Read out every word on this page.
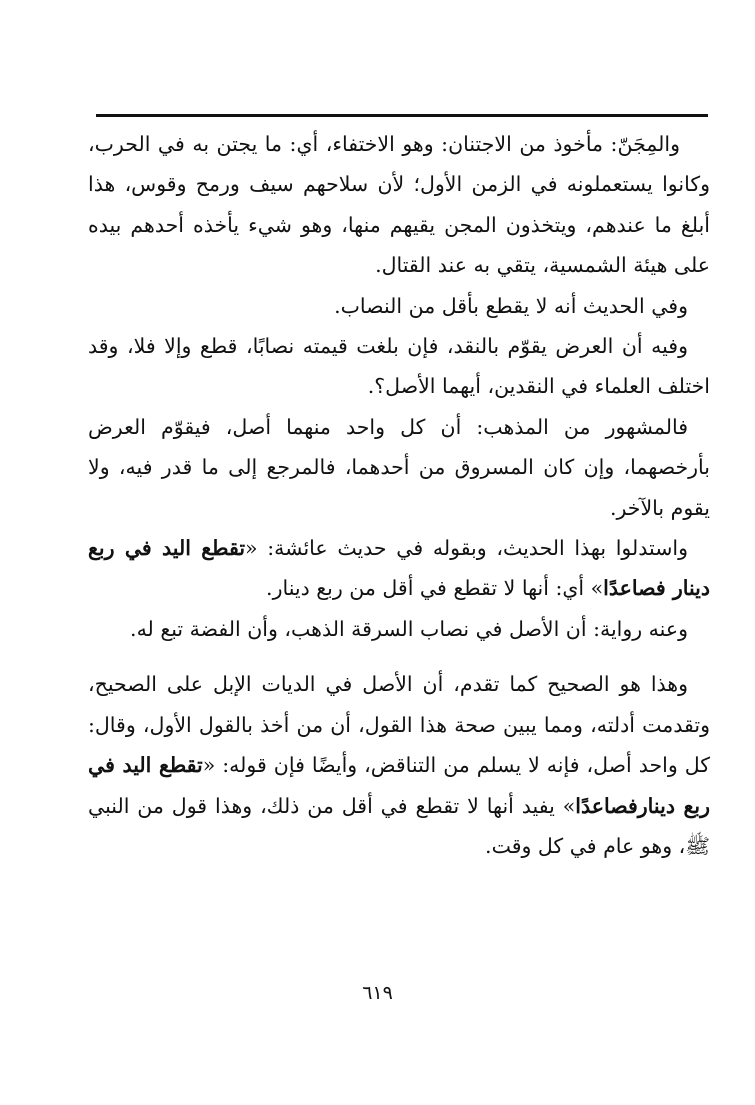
والمِجَنّ: مأخوذ من الاجتنان: وهو الاختفاء، أي: ما يجتن به في الحرب، وكانوا يستعملونه في الزمن الأول؛ لأن سلاحهم سيف ورمح وقوس، هذا أبلغ ما عندهم، ويتخذون المجن يقيهم منها، وهو شيء يأخذه أحدهم بيده على هيئة الشمسية، يتقي به عند القتال.

وفي الحديث أنه لا يقطع بأقل من النصاب.

وفيه أن العرض يقوّم بالنقد، فإن بلغت قيمته نصابًا، قطع وإلا فلا، وقد اختلف العلماء في النقدين، أيهما الأصل؟.

فالمشهور من المذهب: أن كل واحد منهما أصل، فيقوّم العرض بأرخصهما، وإن كان المسروق من أحدهما، فالمرجع إلى ما قدر فيه، ولا يقوم بالآخر.

واستدلوا بهذا الحديث، وبقوله في حديث عائشة: «تقطع اليد في ربع دينار فصاعدًا» أي: أنها لا تقطع في أقل من ربع دينار.

وعنه رواية: أن الأصل في نصاب السرقة الذهب، وأن الفضة تبع له.

وهذا هو الصحيح كما تقدم، أن الأصل في الديات الإبل على الصحيح، وتقدمت أدلته، ومما يبين صحة هذا القول، أن من أخذ بالقول الأول، وقال: كل واحد أصل، فإنه لا يسلم من التناقض، وأيضًا فإن قوله: «تقطع اليد في ربع دينارفصاعدًا» يفيد أنها لا تقطع في أقل من ذلك، وهذا قول من النبي ﷺ، وهو عام في كل وقت.

٦١٩
